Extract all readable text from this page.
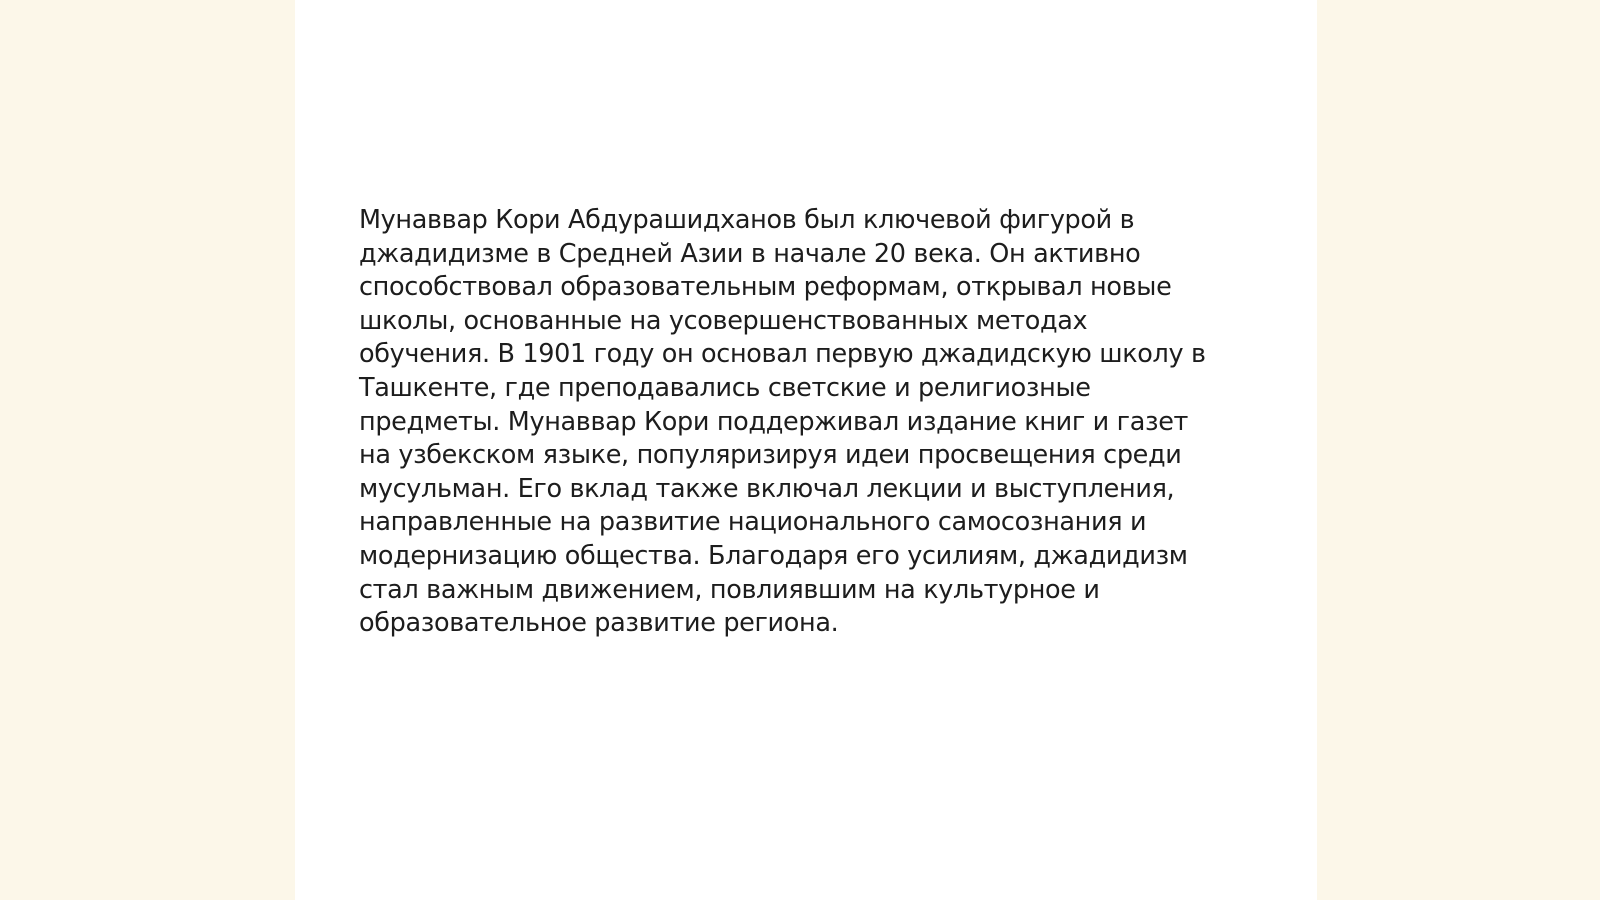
Мунаввар Кори Абдурашидханов был ключевой фигурой в
джадидизме в Средней Азии в начале 20 века. Он активно
способствовал образовательным реформам, открывал новые
школы, основанные на усовершенствованных методах
обучения. В 1901 году он основал первую джадидскую школу в
Ташкенте, где преподавались светские и религиозные
предметы. Мунаввар Кори поддерживал издание книг и газет
на узбекском языке, популяризируя идеи просвещения среди
мусульман. Его вклад также включал лекции и выступления,
направленные на развитие национального самосознания и
модернизацию общества. Благодаря его усилиям, джадидизм
стал важным движением, повлиявшим на культурное и
образовательное развитие региона.
